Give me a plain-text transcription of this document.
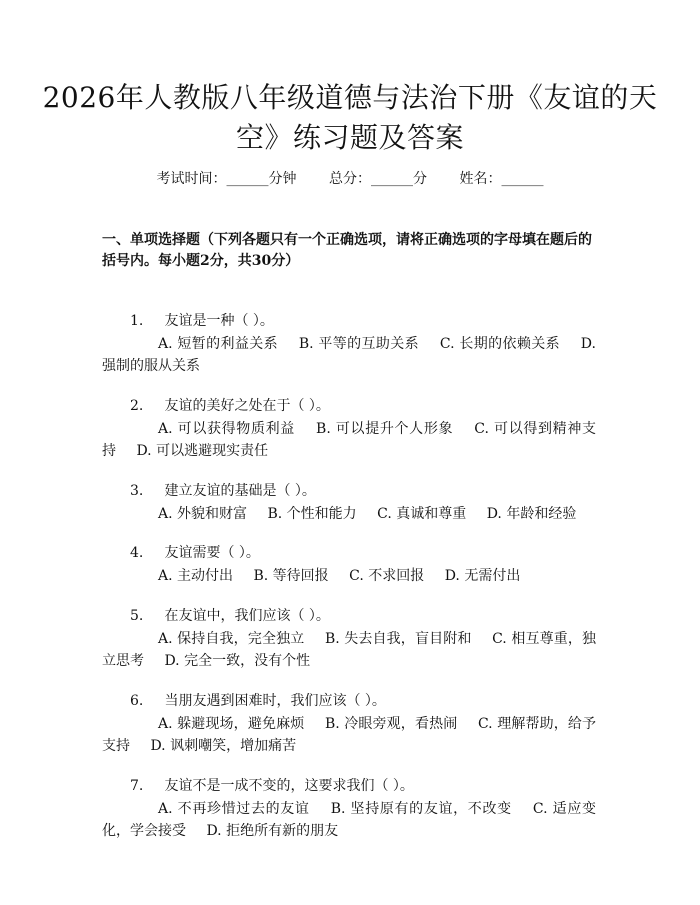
2026年人教版八年级道德与法治下册《友谊的天空》练习题及答案
考试时间：______分钟 总分：______分 姓名：______
一、单项选择题（下列各题只有一个正确选项，请将正确选项的字母填在题后的括号内。每小题2分，共30分）
1. 友谊是一种（ ）。
A. 短暂的利益关系 B. 平等的互助关系 C. 长期的依赖关系 D. 强制的服从关系
2. 友谊的美好之处在于（ ）。
A. 可以获得物质利益 B. 可以提升个人形象 C. 可以得到精神支持 D. 可以逃避现实责任
3. 建立友谊的基础是（ ）。
A. 外貌和财富 B. 个性和能力 C. 真诚和尊重 D. 年龄和经验
4. 友谊需要（ ）。
A. 主动付出 B. 等待回报 C. 不求回报 D. 无需付出
5. 在友谊中，我们应该（ ）。
A. 保持自我，完全独立 B. 失去自我，盲目附和 C. 相互尊重，独立思考 D. 完全一致，没有个性
6. 当朋友遇到困难时，我们应该（ ）。
A. 躲避现场，避免麻烦 B. 冷眼旁观，看热闹 C. 理解帮助，给予支持 D. 讽刺嘲笑，增加痛苦
7. 友谊不是一成不变的，这要求我们（ ）。
A. 不再珍惜过去的友谊 B. 坚持原有的友谊，不改变 C. 适应变化，学会接受 D. 拒绝所有新的朋友
